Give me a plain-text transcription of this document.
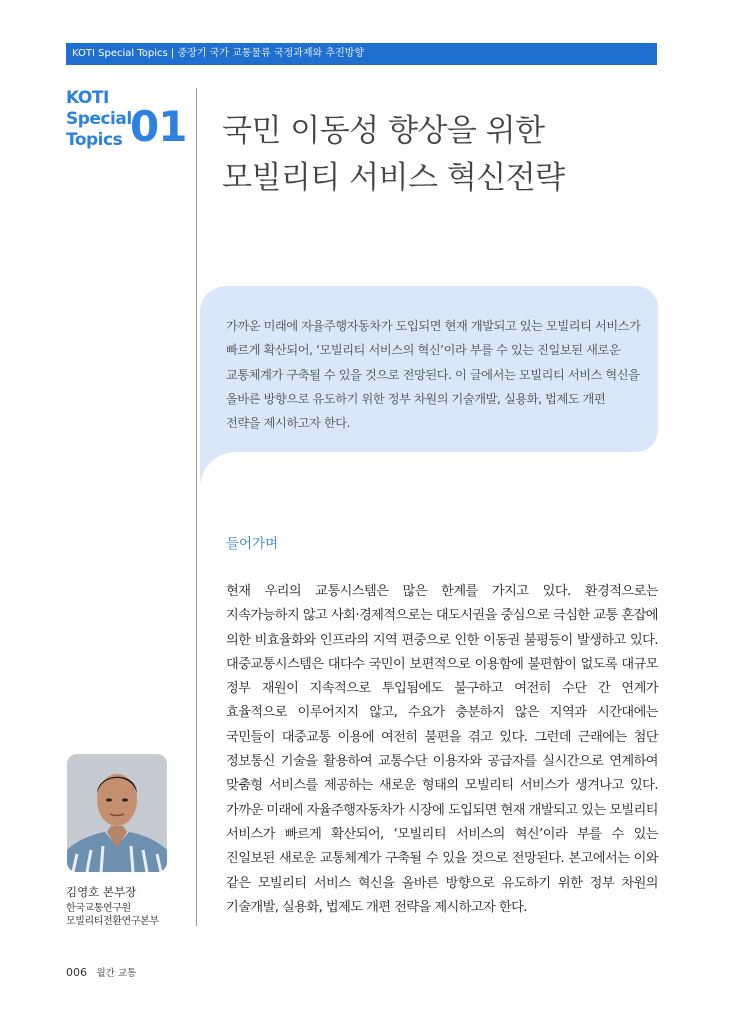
KOTI Special Topics | 중장기 국가 교통물류 국정과제와 추진방향
KOTI
Special
Topics 01 국민 이동성 향상을 위한
모빌리티 서비스 혁신전략
가까운 미래에 자율주행자동차가 도입되면 현재 개발되고 있는 모빌리티 서비스가 빠르게 확산되어, ‘모빌리티 서비스의 혁신’이라 부를 수 있는 진일보된 새로운 교통체계가 구축될 수 있을 것으로 전망된다. 이 글에서는 모빌리티 서비스 혁신을 올바른 방향으로 유도하기 위한 정부 차원의 기술개발, 실용화, 법제도 개편 전략을 제시하고자 한다.
들어가며
현재 우리의 교통시스템은 많은 한계를 가지고 있다. 환경적으로는 지속가능하지 않고 사회·경제적으로는 대도시권을 중심으로 극심한 교통 혼잡에 의한 비효율화와 인프라의 지역 편중으로 인한 이동권 불평등이 발생하고 있다. 대중교통시스템은 대다수 국민이 보편적으로 이용함에 불편함이 없도록 대규모 정부 재원이 지속적으로 투입됨에도 불구하고 여전히 수단 간 연계가 효율적으로 이루어지지 않고, 수요가 충분하지 않은 지역과 시간대에는 국민들이 대중교통 이용에 여전히 불편을 겪고 있다. 그런데 근래에는 첨단 정보통신 기술을 활용하여 교통수단 이용자와 공급자를 실시간으로 연계하여 맞춤형 서비스를 제공하는 새로운 형태의 모빌리티 서비스가 생겨나고 있다. 가까운 미래에 자율주행자동차가 시장에 도입되면 현재 개발되고 있는 모빌리티 서비스가 빠르게 확산되어, ‘모빌리티 서비스의 혁신’이라 부를 수 있는 진일보된 새로운 교통체계가 구축될 수 있을 것으로 전망된다. 본고에서는 이와 같은 모빌리티 서비스 혁신을 올바른 방향으로 유도하기 위한 정부 차원의 기술개발, 실용화, 법제도 개편 전략을 제시하고자 한다.
김영호 본부장
한국교통연구원
모빌리티전환연구본부
006 월간 교통
